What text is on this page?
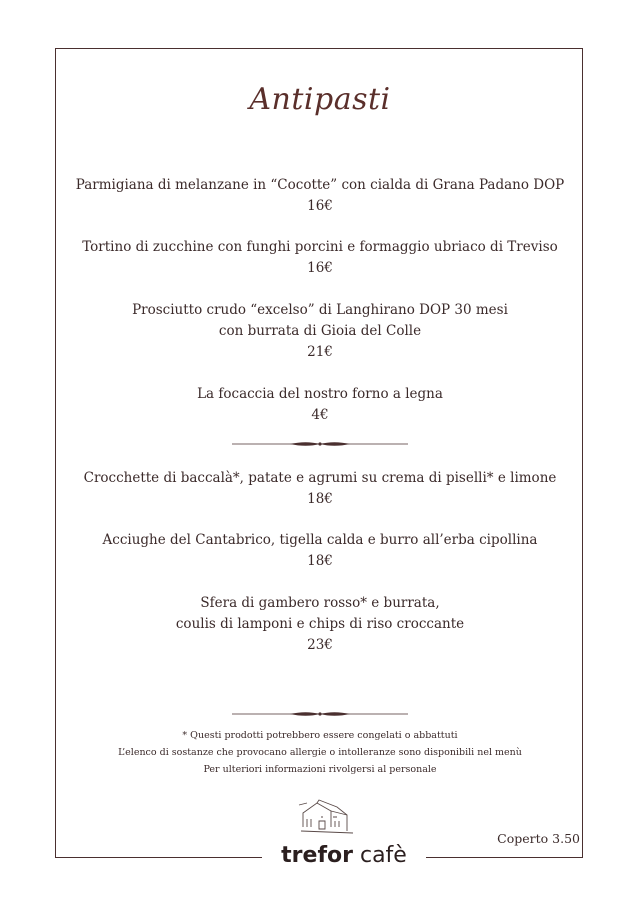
Antipasti
Parmigiana di melanzane in “Cocotte” con cialda di Grana Padano DOP
16€
Tortino di zucchine con funghi porcini e formaggio ubriaco di Treviso
16€
Prosciutto crudo “excelso” di Langhirano DOP 30 mesi
con burrata di Gioia del Colle
21€
La focaccia del nostro forno a legna
4€
Crocchette di baccalà*, patate e agrumi su crema di piselli* e limone
18€
Acciughe del Cantabrico, tigella calda e burro all’erba cipollina
18€
Sfera di gambero rosso* e burrata,
coulis di lamponi e chips di riso croccante
23€
* Questi prodotti potrebbero essere congelati o abbattuti
L’elenco di sostanze che provocano allergie o intolleranze sono disponibili nel menù
Per ulteriori informazioni rivolgersi al personale
trefor cafè
Coperto 3.50
